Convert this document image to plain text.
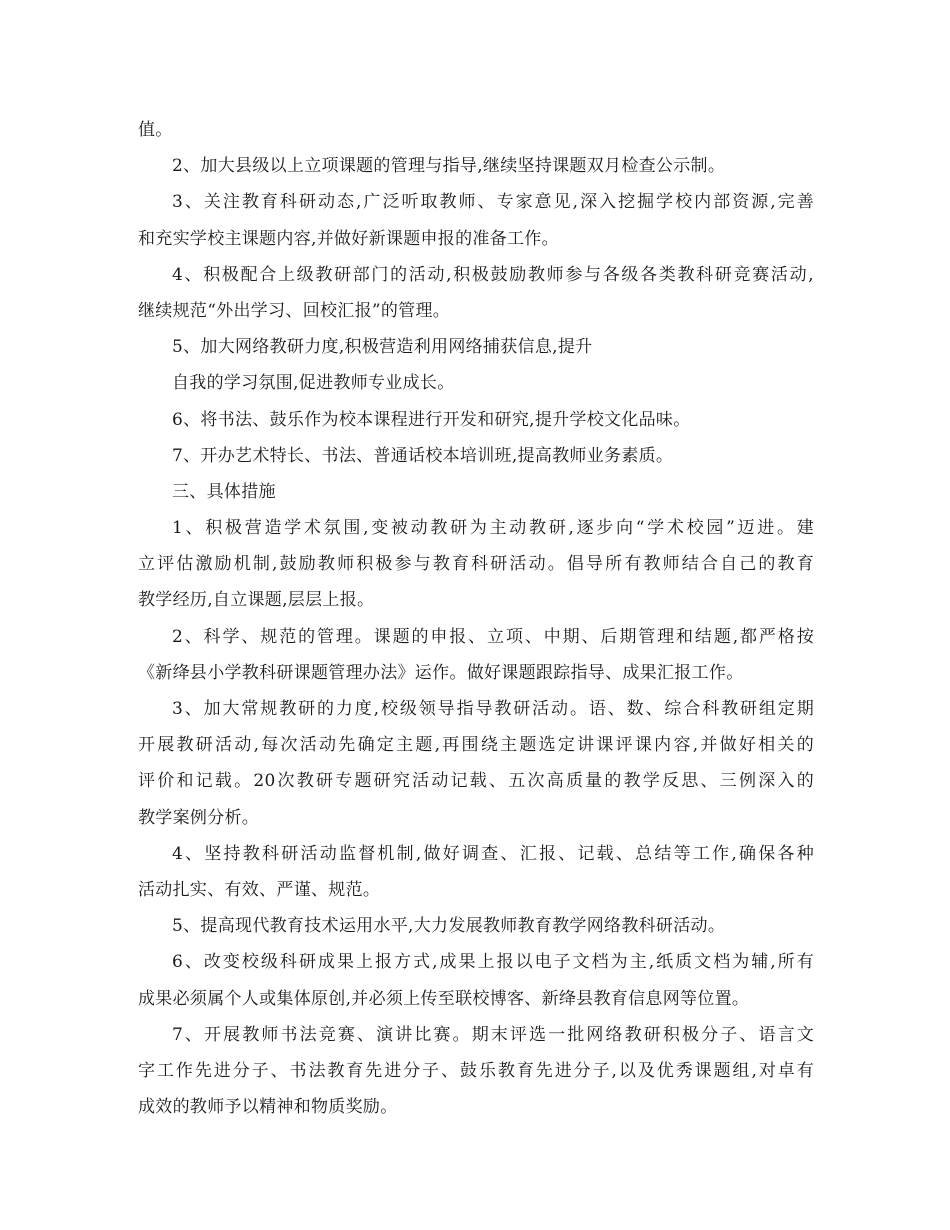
值。
2、加大县级以上立项课题的管理与指导,继续坚持课题双月检查公示制。
3、关注教育科研动态,广泛听取教师、专家意见,深入挖掘学校内部资源,完善
和充实学校主课题内容,并做好新课题申报的准备工作。
4、积极配合上级教研部门的活动,积极鼓励教师参与各级各类教科研竞赛活动,
继续规范“外出学习、回校汇报”的管理。
5、加大网络教研力度,积极营造利用网络捕获信息,提升
自我的学习氛围,促进教师专业成长。
6、将书法、鼓乐作为校本课程进行开发和研究,提升学校文化品味。
7、开办艺术特长、书法、普通话校本培训班,提高教师业务素质。
三、具体措施
1、积极营造学术氛围,变被动教研为主动教研,逐步向“学术校园”迈进。建
立评估激励机制,鼓励教师积极参与教育科研活动。倡导所有教师结合自己的教育
教学经历,自立课题,层层上报。
2、科学、规范的管理。课题的申报、立项、中期、后期管理和结题,都严格按
《新绛县小学教科研课题管理办法》运作。做好课题跟踪指导、成果汇报工作。
3、加大常规教研的力度,校级领导指导教研活动。语、数、综合科教研组定期
开展教研活动,每次活动先确定主题,再围绕主题选定讲课评课内容,并做好相关的
评价和记载。20次教研专题研究活动记载、五次高质量的教学反思、三例深入的
教学案例分析。
4、坚持教科研活动监督机制,做好调查、汇报、记载、总结等工作,确保各种
活动扎实、有效、严谨、规范。
5、提高现代教育技术运用水平,大力发展教师教育教学网络教科研活动。
6、改变校级科研成果上报方式,成果上报以电子文档为主,纸质文档为辅,所有
成果必须属个人或集体原创,并必须上传至联校博客、新绛县教育信息网等位置。
7、开展教师书法竞赛、演讲比赛。期末评选一批网络教研积极分子、语言文
字工作先进分子、书法教育先进分子、鼓乐教育先进分子,以及优秀课题组,对卓有
成效的教师予以精神和物质奖励。
